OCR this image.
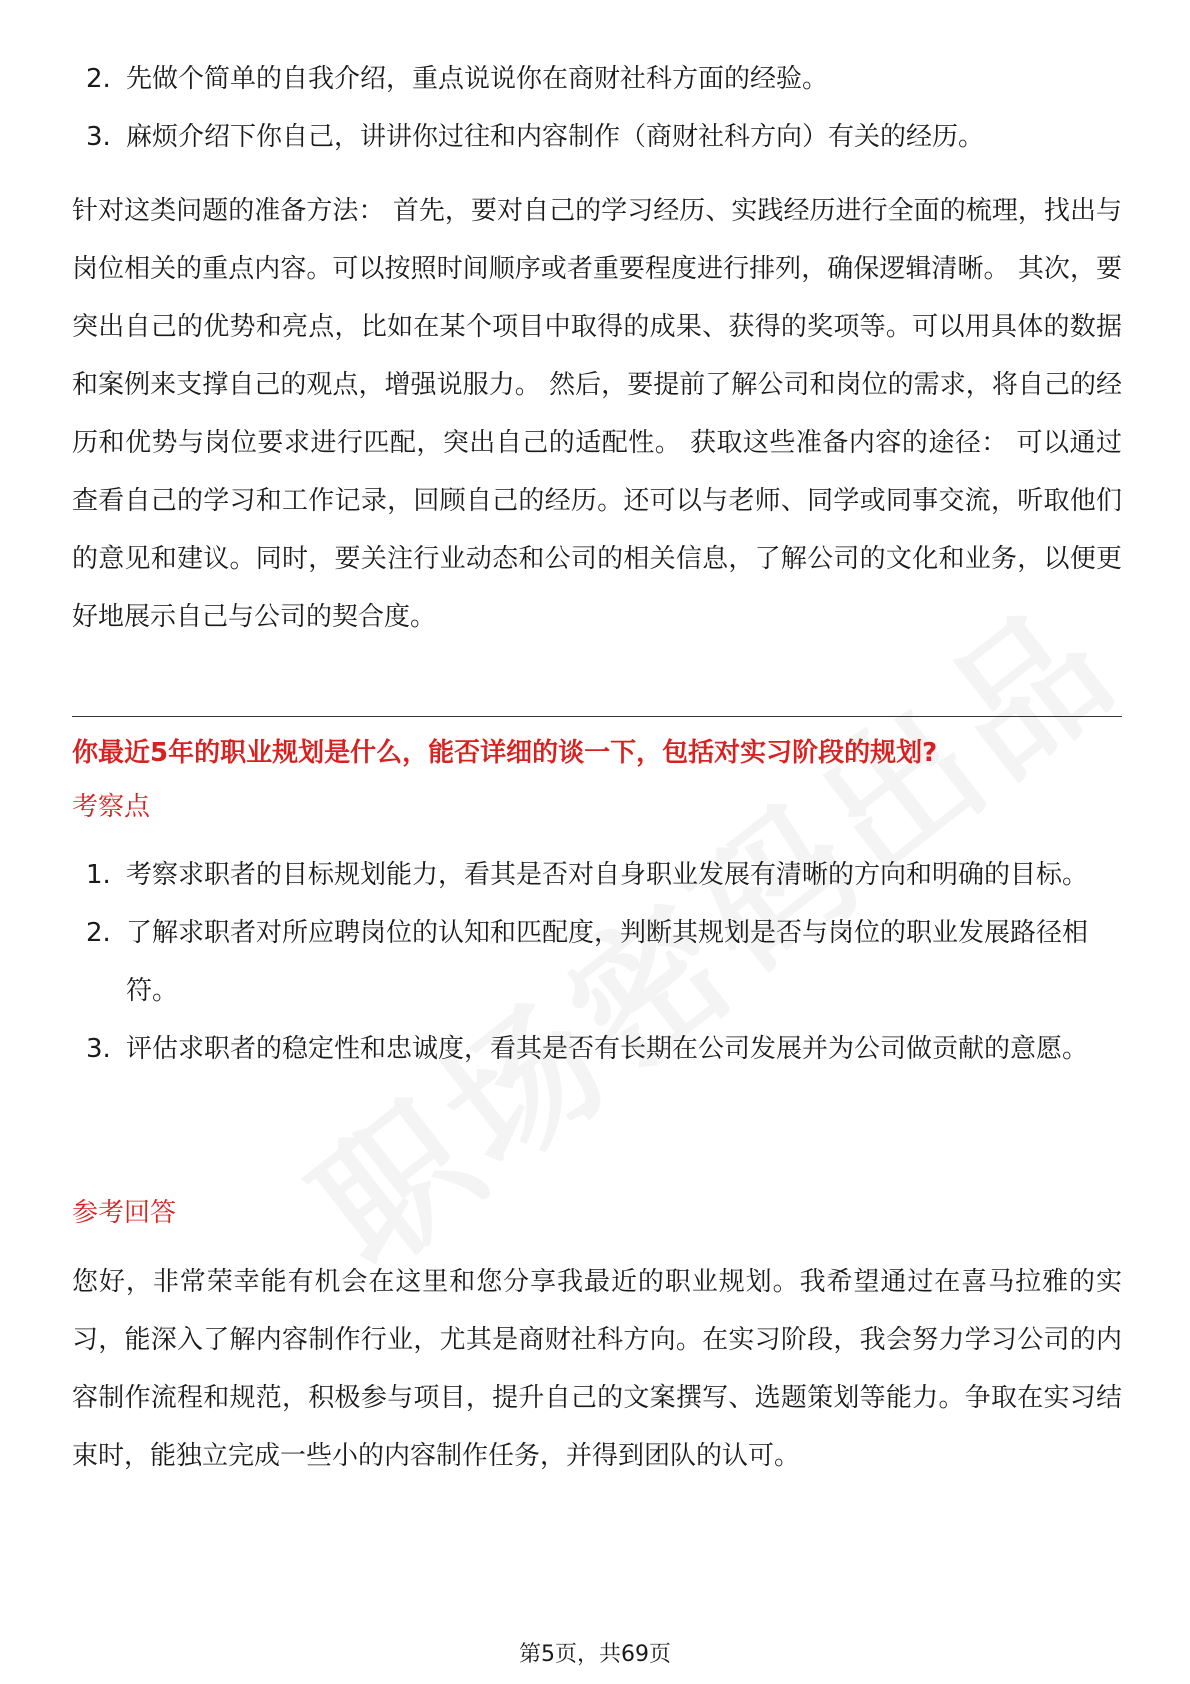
2. 先做个简单的自我介绍，重点说说你在商财社科方面的经验。
3. 麻烦介绍下你自己，讲讲你过往和内容制作（商财社科方向）有关的经历。

针对这类问题的准备方法： 首先，要对自己的学习经历、实践经历进行全面的梳理，找出与岗位相关的重点内容。可以按照时间顺序或者重要程度进行排列，确保逻辑清晰。 其次，要突出自己的优势和亮点，比如在某个项目中取得的成果、获得的奖项等。可以用具体的数据和案例来支撑自己的观点，增强说服力。 然后，要提前了解公司和岗位的需求，将自己的经历和优势与岗位要求进行匹配，突出自己的适配性。 获取这些准备内容的途径： 可以通过查看自己的学习和工作记录，回顾自己的经历。还可以与老师、同学或同事交流，听取他们的意见和建议。同时，要关注行业动态和公司的相关信息，了解公司的文化和业务，以便更好地展示自己与公司的契合度。

你最近5年的职业规划是什么，能否详细的谈一下，包括对实习阶段的规划?
考察点
1. 考察求职者的目标规划能力，看其是否对自身职业发展有清晰的方向和明确的目标。
2. 了解求职者对所应聘岗位的认知和匹配度，判断其规划是否与岗位的职业发展路径相符。
3. 评估求职者的稳定性和忠诚度，看其是否有长期在公司发展并为公司做贡献的意愿。
参考回答

您好，非常荣幸能有机会在这里和您分享我最近的职业规划。我希望通过在喜马拉雅的实习，能深入了解内容制作行业，尤其是商财社科方向。在实习阶段，我会努力学习公司的内容制作流程和规范，积极参与项目，提升自己的文案撰写、选题策划等能力。争取在实习结束时，能独立完成一些小的内容制作任务，并得到团队的认可。

第5页，共69页
